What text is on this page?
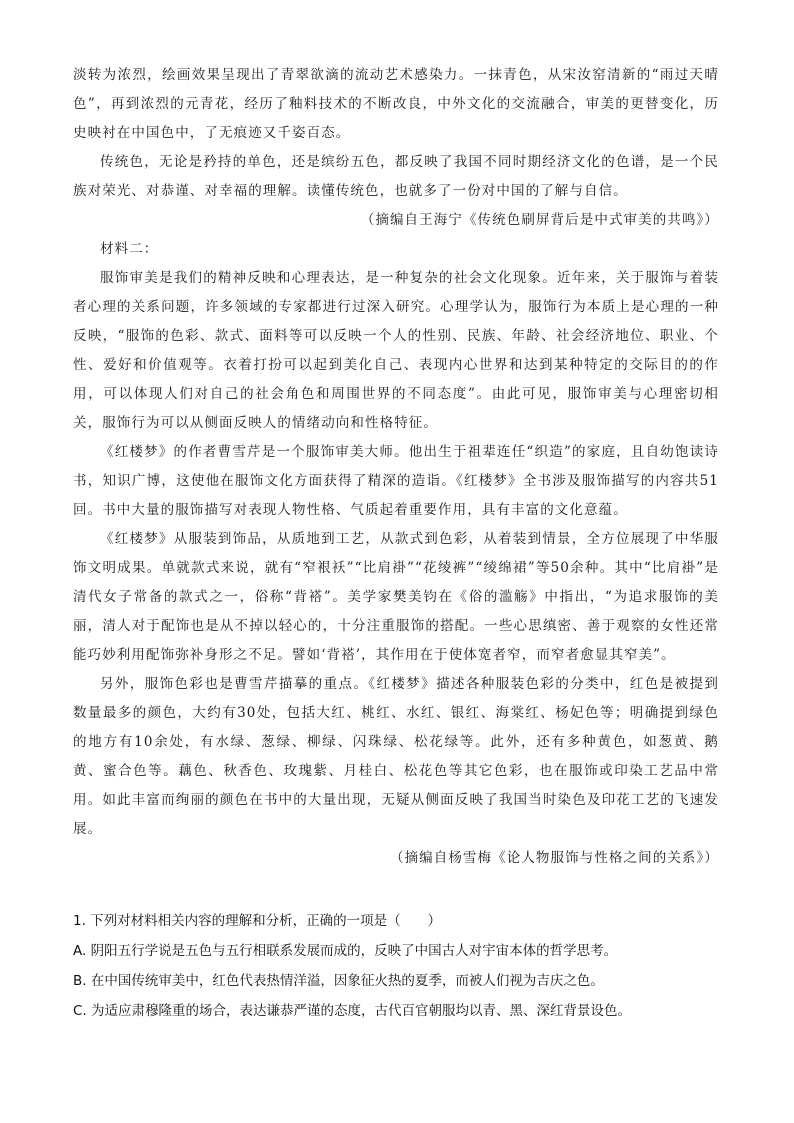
淡转为浓烈，绘画效果呈现出了青翠欲滴的流动艺术感染力。一抹青色，从宋汝窑清新的“雨过天晴色”，再到浓烈的元青花，经历了釉料技术的不断改良，中外文化的交流融合，审美的更替变化，历史映衬在中国色中，了无痕迹又千姿百态。

传统色，无论是矜持的单色，还是缤纷五色，都反映了我国不同时期经济文化的色谱，是一个民族对荣光、对恭谨、对幸福的理解。读懂传统色，也就多了一份对中国的了解与自信。

（摘编自王海宁《传统色刷屏背后是中式审美的共鸣》）

材料二：

服饰审美是我们的精神反映和心理表达，是一种复杂的社会文化现象。近年来，关于服饰与着装者心理的关系问题，许多领域的专家都进行过深入研究。心理学认为，服饰行为本质上是心理的一种反映，“服饰的色彩、款式、面料等可以反映一个人的性别、民族、年龄、社会经济地位、职业、个性、爱好和价值观等。衣着打扮可以起到美化自己、表现内心世界和达到某种特定的交际目的的作用，可以体现人们对自己的社会角色和周围世界的不同态度”。由此可见，服饰审美与心理密切相关，服饰行为可以从侧面反映人的情绪动向和性格特征。

《红楼梦》的作者曹雪芹是一个服饰审美大师。他出生于祖辈连任“织造”的家庭，且自幼饱读诗书，知识广博，这使他在服饰文化方面获得了精深的造诣。《红楼梦》全书涉及服饰描写的内容共51回。书中大量的服饰描写对表现人物性格、气质起着重要作用，具有丰富的文化意蕴。

《红楼梦》从服装到饰品，从质地到工艺，从款式到色彩，从着装到情景，全方位展现了中华服饰文明成果。单就款式来说，就有“窄裉袄”“比肩褂”“花绫裤”“绫绵裙”等50余种。其中“比肩褂”是清代女子常备的款式之一，俗称“背褡”。美学家樊美钧在《俗的滥觞》中指出，“为追求服饰的美丽，清人对于配饰也是从不掉以轻心的，十分注重服饰的搭配。一些心思缜密、善于观察的女性还常能巧妙利用配饰弥补身形之不足。譬如‘背褡’，其作用在于使体宽者窄，而窄者愈显其窄美”。

另外，服饰色彩也是曹雪芹描摹的重点。《红楼梦》描述各种服装色彩的分类中，红色是被提到数量最多的颜色，大约有30处，包括大红、桃红、水红、银红、海棠红、杨妃色等；明确提到绿色的地方有10余处，有水绿、葱绿、柳绿、闪珠绿、松花绿等。此外，还有多种黄色，如葱黄、鹅黄、蜜合色等。藕色、秋香色、玫瑰紫、月桂白、松花色等其它色彩，也在服饰或印染工艺品中常用。如此丰富而绚丽的颜色在书中的大量出现，无疑从侧面反映了我国当时染色及印花工艺的飞速发展。

（摘编自杨雪梅《论人物服饰与性格之间的关系》）

1. 下列对材料相关内容的理解和分析，正确的一项是（　　）

A. 阴阳五行学说是五色与五行相联系发展而成的，反映了中国古人对宇宙本体的哲学思考。

B. 在中国传统审美中，红色代表热情洋溢，因象征火热的夏季，而被人们视为吉庆之色。

C. 为适应肃穆隆重的场合，表达谦恭严谨的态度，古代百官朝服均以青、黑、深红背景设色。
